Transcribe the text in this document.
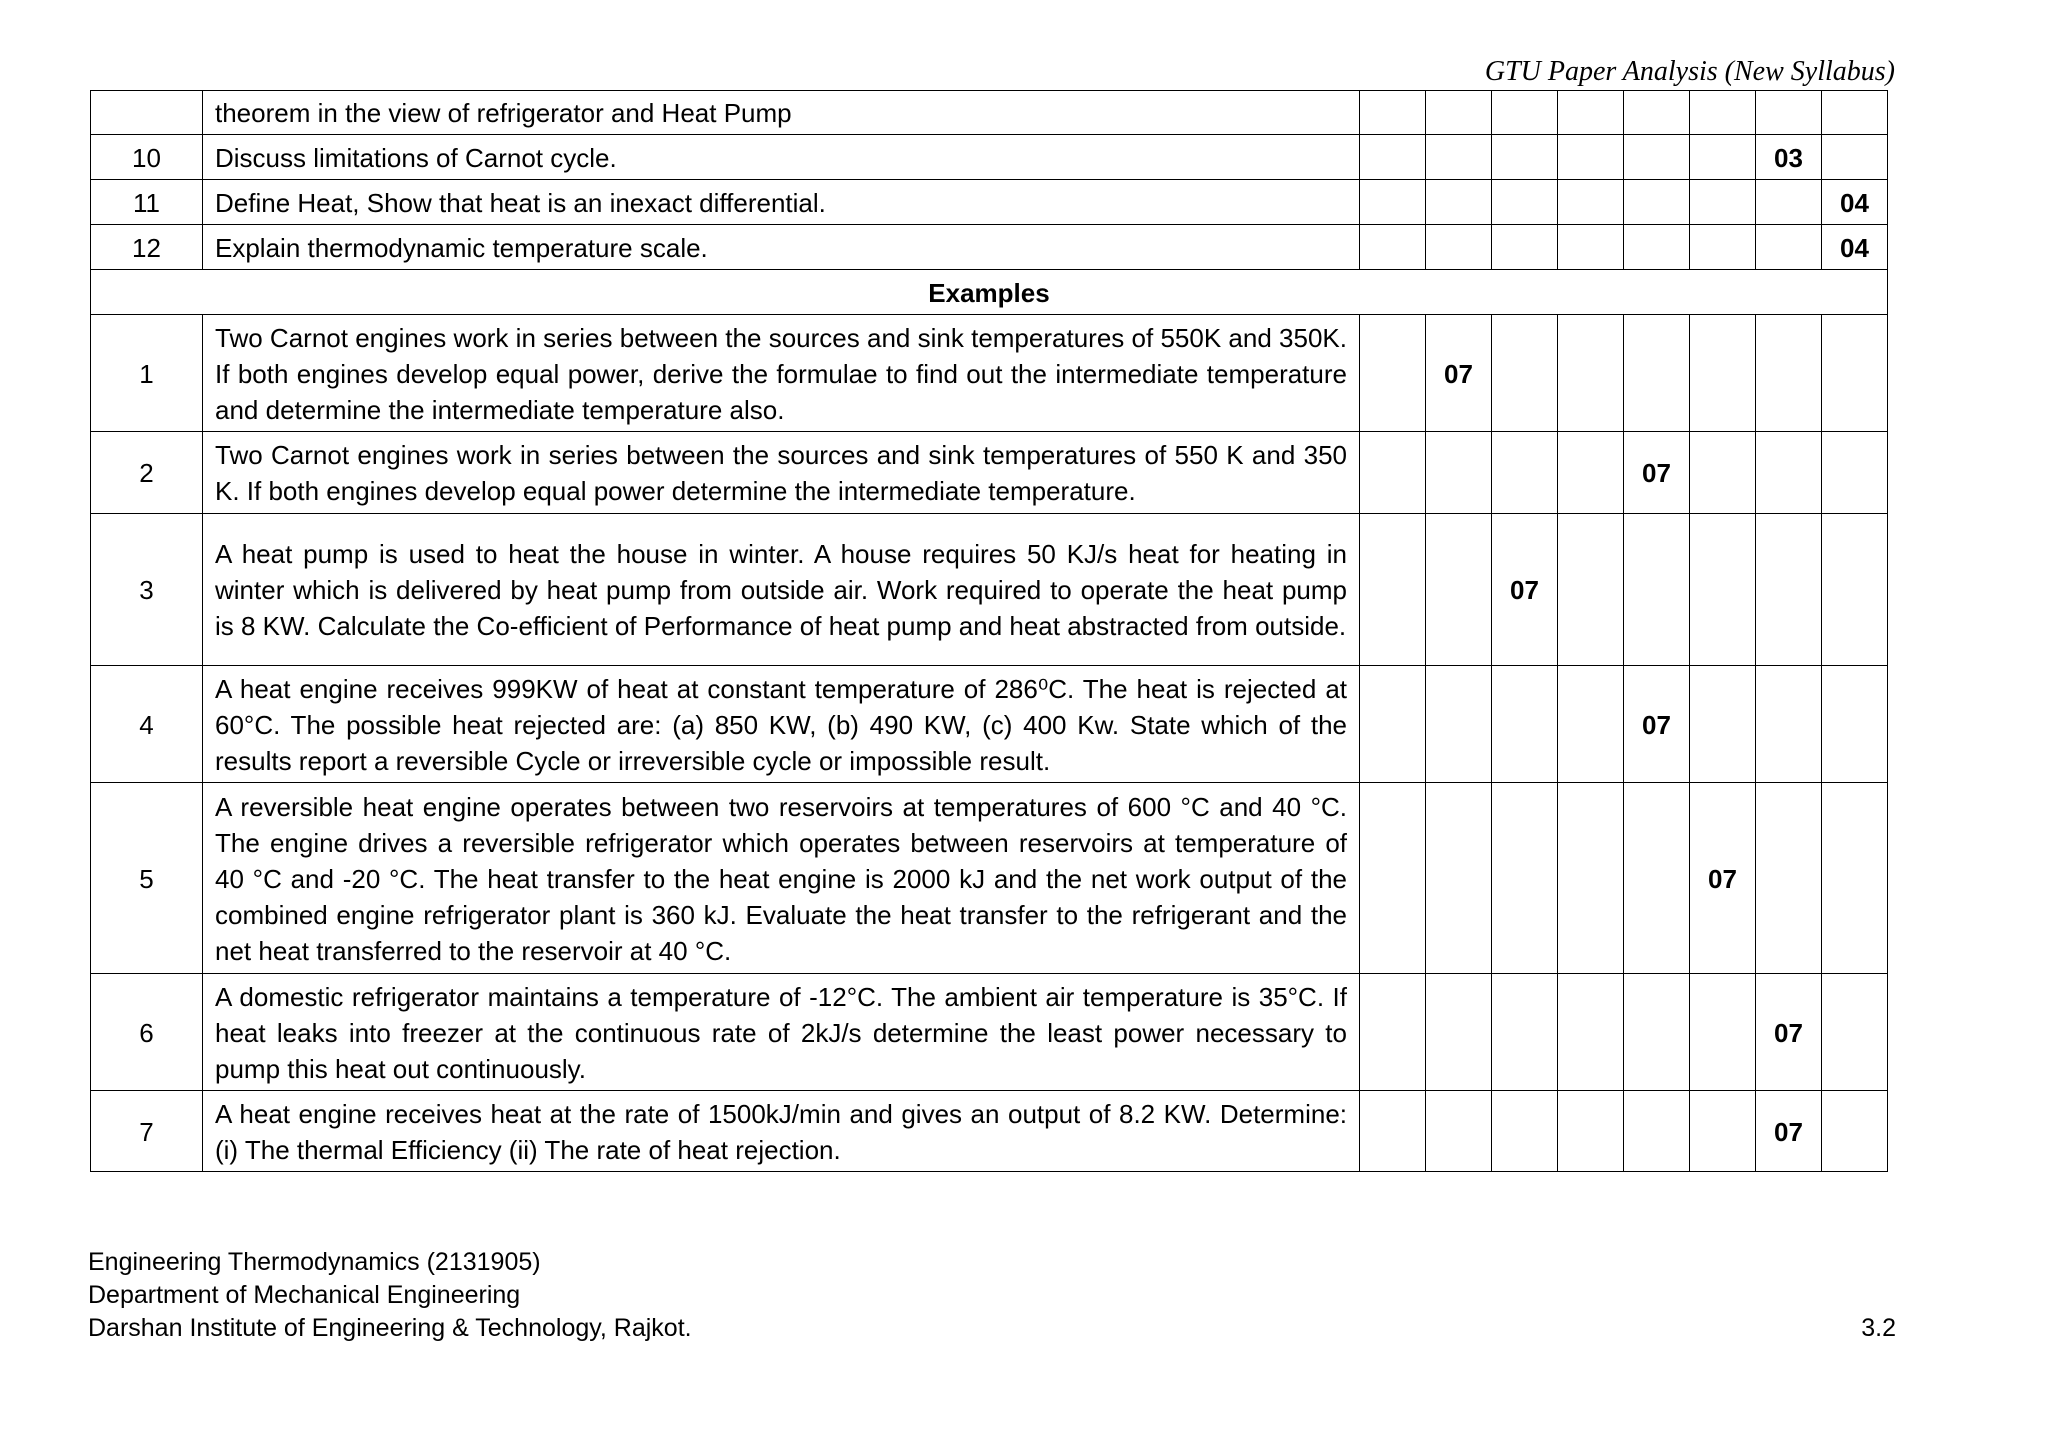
GTU Paper Analysis (New Syllabus)
	theorem in the view of refrigerator and Heat Pump								
10	Discuss limitations of Carnot cycle.							03	
11	Define Heat, Show that heat is an inexact differential.								04
12	Explain thermodynamic temperature scale.								04
Examples									
1	Two Carnot engines work in series between the sources and sink temperatures of 550K and 350K. If both engines develop equal power, derive the formulae to find out the intermediate temperature and determine the intermediate temperature also.		07						
2	Two Carnot engines work in series between the sources and sink temperatures of 550 K and 350 K. If both engines develop equal power determine the intermediate temperature.					07			
3	A heat pump is used to heat the house in winter. A house requires 50 KJ/s heat for heating in winter which is delivered by heat pump from outside air. Work required to operate the heat pump is 8 KW. Calculate the Co-efficient of Performance of heat pump and heat abstracted from outside.			07					
4	A heat engine receives 999KW of heat at constant temperature of 286⁰C. The heat is rejected at 60°C. The possible heat rejected are: (a) 850 KW, (b) 490 KW, (c) 400 Kw. State which of the results report a reversible Cycle or irreversible cycle or impossible result.					07			
5	A reversible heat engine operates between two reservoirs at temperatures of 600 °C and 40 °C. The engine drives a reversible refrigerator which operates between reservoirs at temperature of 40 °C and -20 °C. The heat transfer to the heat engine is 2000 kJ and the net work output of the combined engine refrigerator plant is 360 kJ. Evaluate the heat transfer to the refrigerant and the net heat transferred to the reservoir at 40 °C.						07		
6	A domestic refrigerator maintains a temperature of -12°C. The ambient air temperature is 35°C. If heat leaks into freezer at the continuous rate of 2kJ/s determine the least power necessary to pump this heat out continuously.							07	
7	A heat engine receives heat at the rate of 1500kJ/min and gives an output of 8.2 KW. Determine: (i) The thermal Efficiency (ii) The rate of heat rejection.							07	
Engineering Thermodynamics (2131905)
Department of Mechanical Engineering
Darshan Institute of Engineering & Technology, Rajkot.	3.2
